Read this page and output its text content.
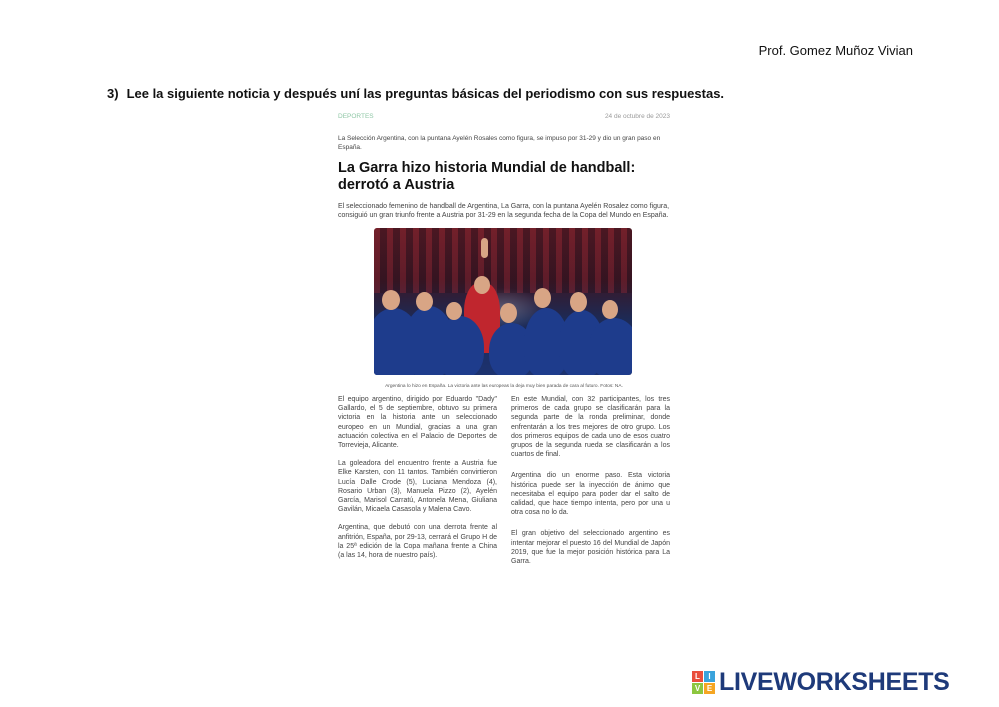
Prof. Gomez Muñoz Vivian
3) Lee la siguiente noticia y después uní las preguntas básicas del periodismo con sus respuestas.
DEPORTES	24 de octubre de 2023
La Selección Argentina, con la puntana Ayelén Rosales como figura, se impuso por 31-29 y dio un gran paso en España.
La Garra hizo historia Mundial de handball: derrotó a Austria
El seleccionado femenino de handball de Argentina, La Garra, con la puntana Ayelén Rosalez como figura, consiguió un gran triunfo frente a Austria por 31-29 en la segunda fecha de la Copa del Mundo en España.
Argentina lo hizo en España. La victoria ante las europeas la deja muy bien parada de cara al futuro. Fotos: NA.

El equipo argentino, dirigido por Eduardo "Dady" Gallardo, el 5 de septiembre, obtuvo su primera victoria en la historia ante un seleccionado europeo en un Mundial, gracias a una gran actuación colectiva en el Palacio de Deportes de Torrevieja, Alicante.

La goleadora del encuentro frente a Austria fue Elke Karsten, con 11 tantos. También convirtieron Lucía Dalle Crode (5), Luciana Mendoza (4), Rosario Urban (3), Manuela Pizzo (2), Ayelén García, Marisol Carratú, Antonela Mena, Giuliana Gavilán, Micaela Casasola y Malena Cavo.

Argentina, que debutó con una derrota frente al anfitrión, España, por 29-13, cerrará el Grupo H de la 25ª edición de la Copa mañana frente a China (a las 14, hora de nuestro país).

En este Mundial, con 32 participantes, los tres primeros de cada grupo se clasificarán para la segunda parte de la ronda preliminar, donde enfrentarán a los tres mejores de otro grupo. Los dos primeros equipos de cada uno de esos cuatro grupos de la segunda rueda se clasificarán a los cuartos de final.

Argentina dio un enorme paso. Esta victoria histórica puede ser la inyección de ánimo que necesitaba el equipo para poder dar el salto de calidad, que hace tiempo intenta, pero por una u otra cosa no lo da.

El gran objetivo del seleccionado argentino es intentar mejorar el puesto 16 del Mundial de Japón 2019, que fue la mejor posición histórica para La Garra.

L	I
V E LIVEWORKSHEETS
